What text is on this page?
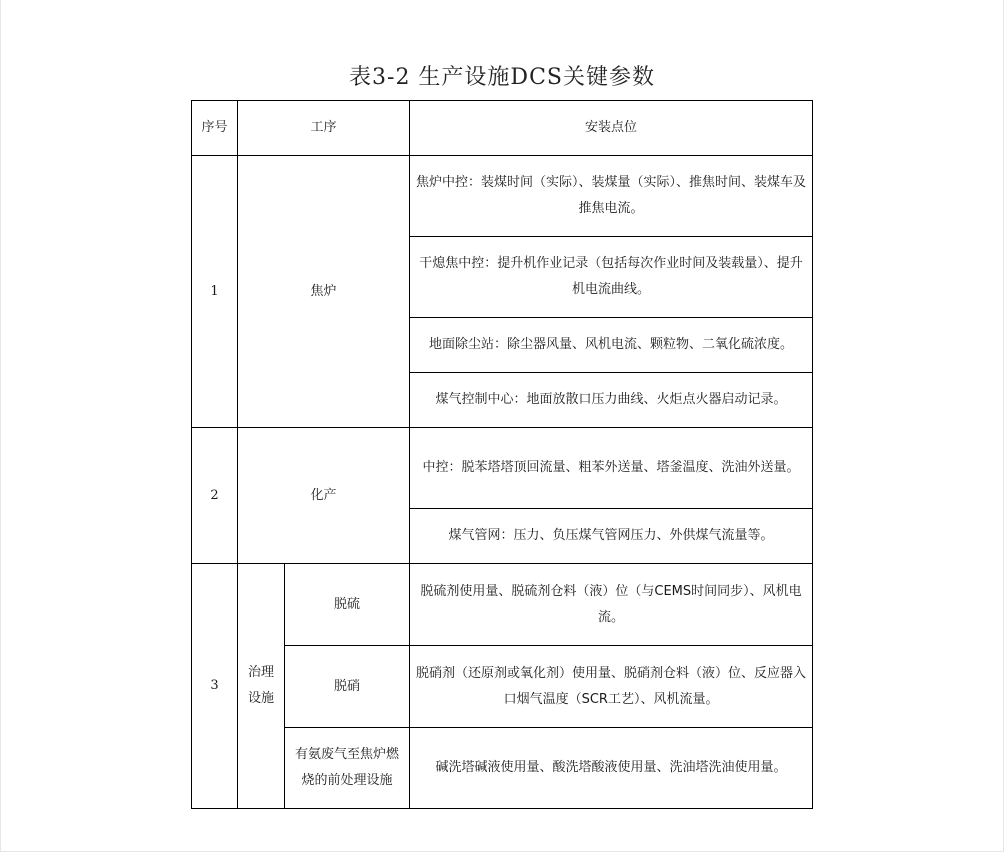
表3-2 生产设施DCS关键参数
序号	工序		安装点位
1	焦炉		焦炉中控：装煤时间（实际）、装煤量（实际）、推焦时间、装煤车及推焦电流。
			干熄焦中控：提升机作业记录（包括每次作业时间及装载量）、提升机电流曲线。
			地面除尘站：除尘器风量、风机电流、颗粒物、二氧化硫浓度。
			煤气控制中心：地面放散口压力曲线、火炬点火器启动记录。
2	化产		中控：脱苯塔塔顶回流量、粗苯外送量、塔釜温度、洗油外送量。
			煤气管网：压力、负压煤气管网压力、外供煤气流量等。
3	治理设施	脱硫	脱硫剂使用量、脱硫剂仓料（液）位（与CEMS时间同步）、风机电流。
		脱硝	脱硝剂（还原剂或氧化剂）使用量、脱硝剂仓料（液）位、反应器入口烟气温度（SCR工艺）、风机流量。
		有氨废气至焦炉燃烧的前处理设施	碱洗塔碱液使用量、酸洗塔酸液使用量、洗油塔洗油使用量。
